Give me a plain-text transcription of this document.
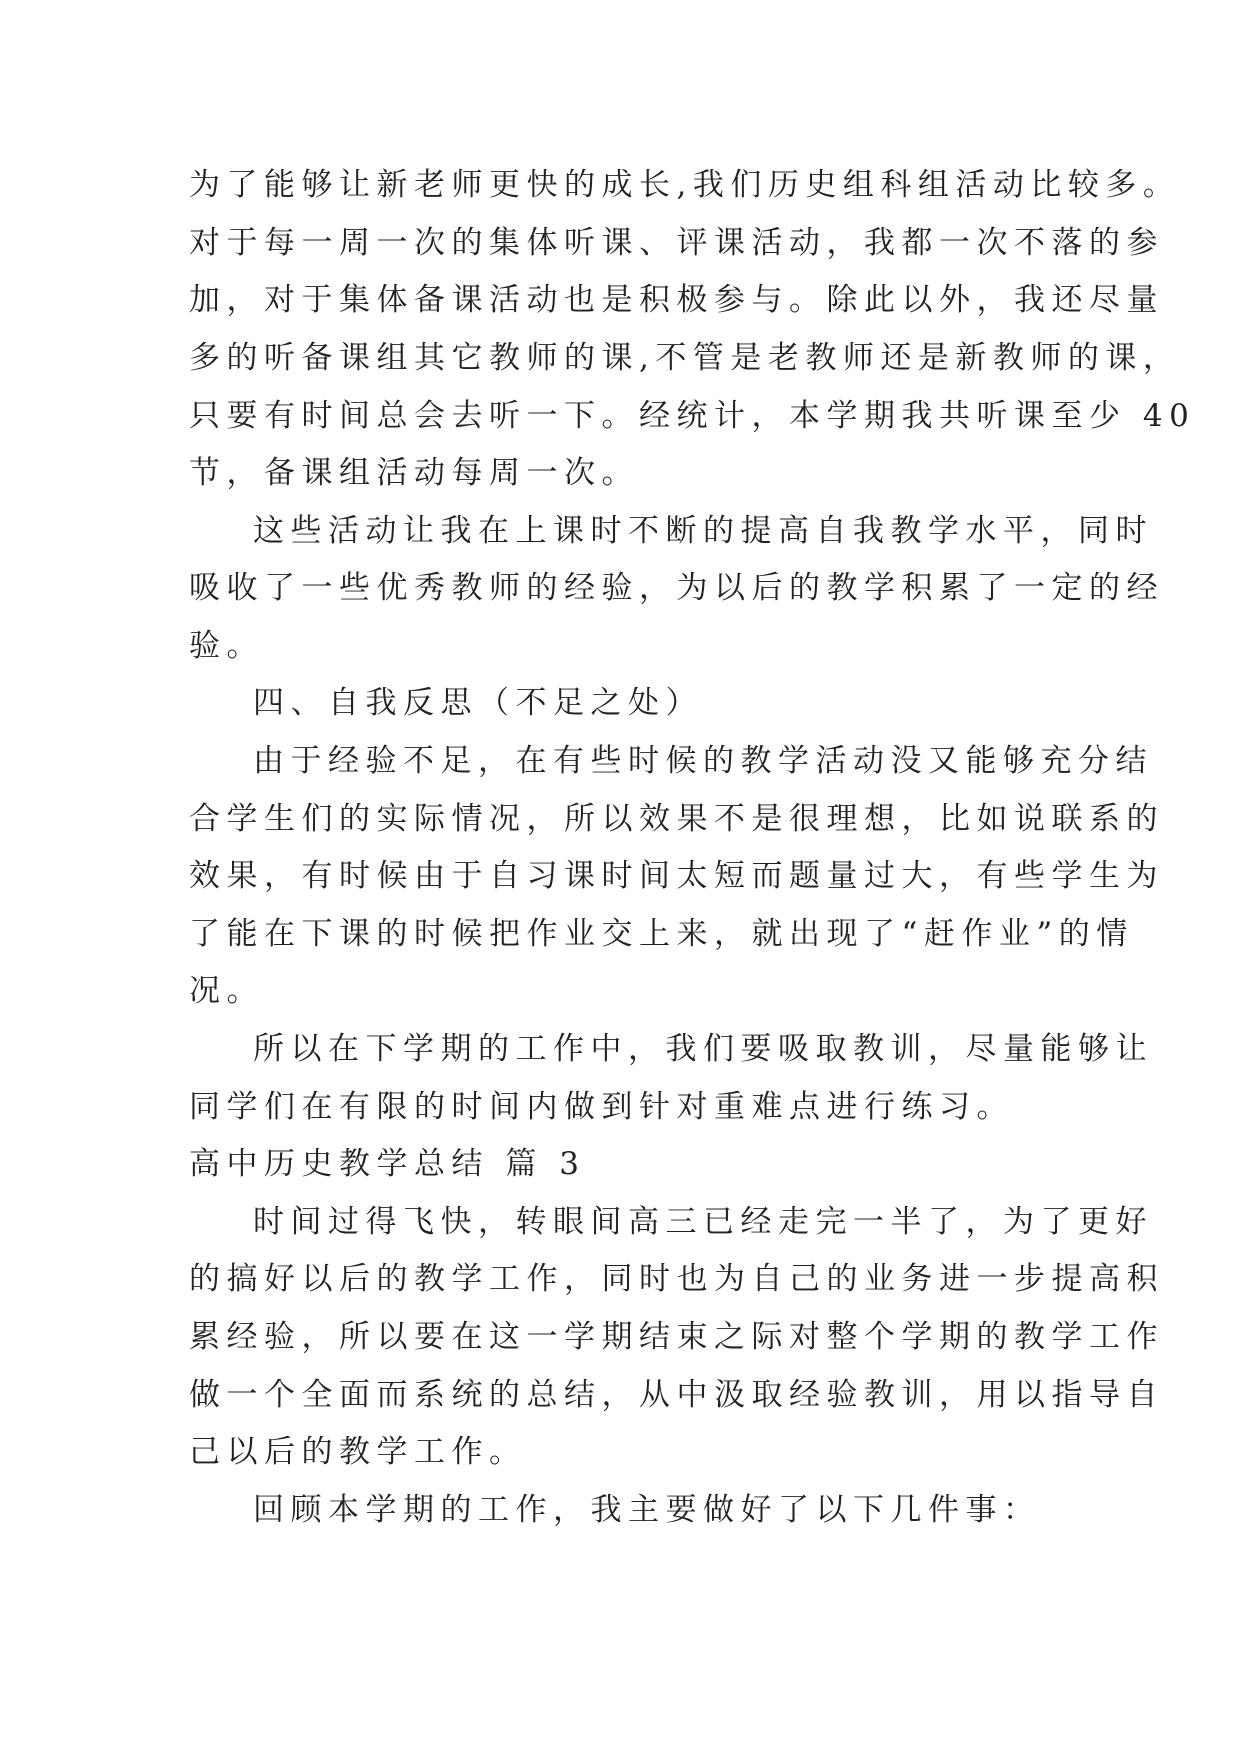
为了能够让新老师更快的成长,我们历史组科组活动比较多。
对于每一周一次的集体听课、评课活动，我都一次不落的参
加，对于集体备课活动也是积极参与。除此以外，我还尽量
多的听备课组其它教师的课,不管是老教师还是新教师的课，
只要有时间总会去听一下。经统计，本学期我共听课至少 40
节，备课组活动每周一次。
这些活动让我在上课时不断的提高自我教学水平，同时
吸收了一些优秀教师的经验，为以后的教学积累了一定的经
验。
四、自我反思（不足之处）
由于经验不足，在有些时候的教学活动没又能够充分结
合学生们的实际情况，所以效果不是很理想，比如说联系的
效果，有时候由于自习课时间太短而题量过大，有些学生为
了能在下课的时候把作业交上来，就出现了“赶作业”的情
况。
所以在下学期的工作中，我们要吸取教训，尽量能够让
同学们在有限的时间内做到针对重难点进行练习。
高中历史教学总结 篇 3
时间过得飞快，转眼间高三已经走完一半了，为了更好
的搞好以后的教学工作，同时也为自己的业务进一步提高积
累经验，所以要在这一学期结束之际对整个学期的教学工作
做一个全面而系统的总结，从中汲取经验教训，用以指导自
己以后的教学工作。
回顾本学期的工作，我主要做好了以下几件事：
